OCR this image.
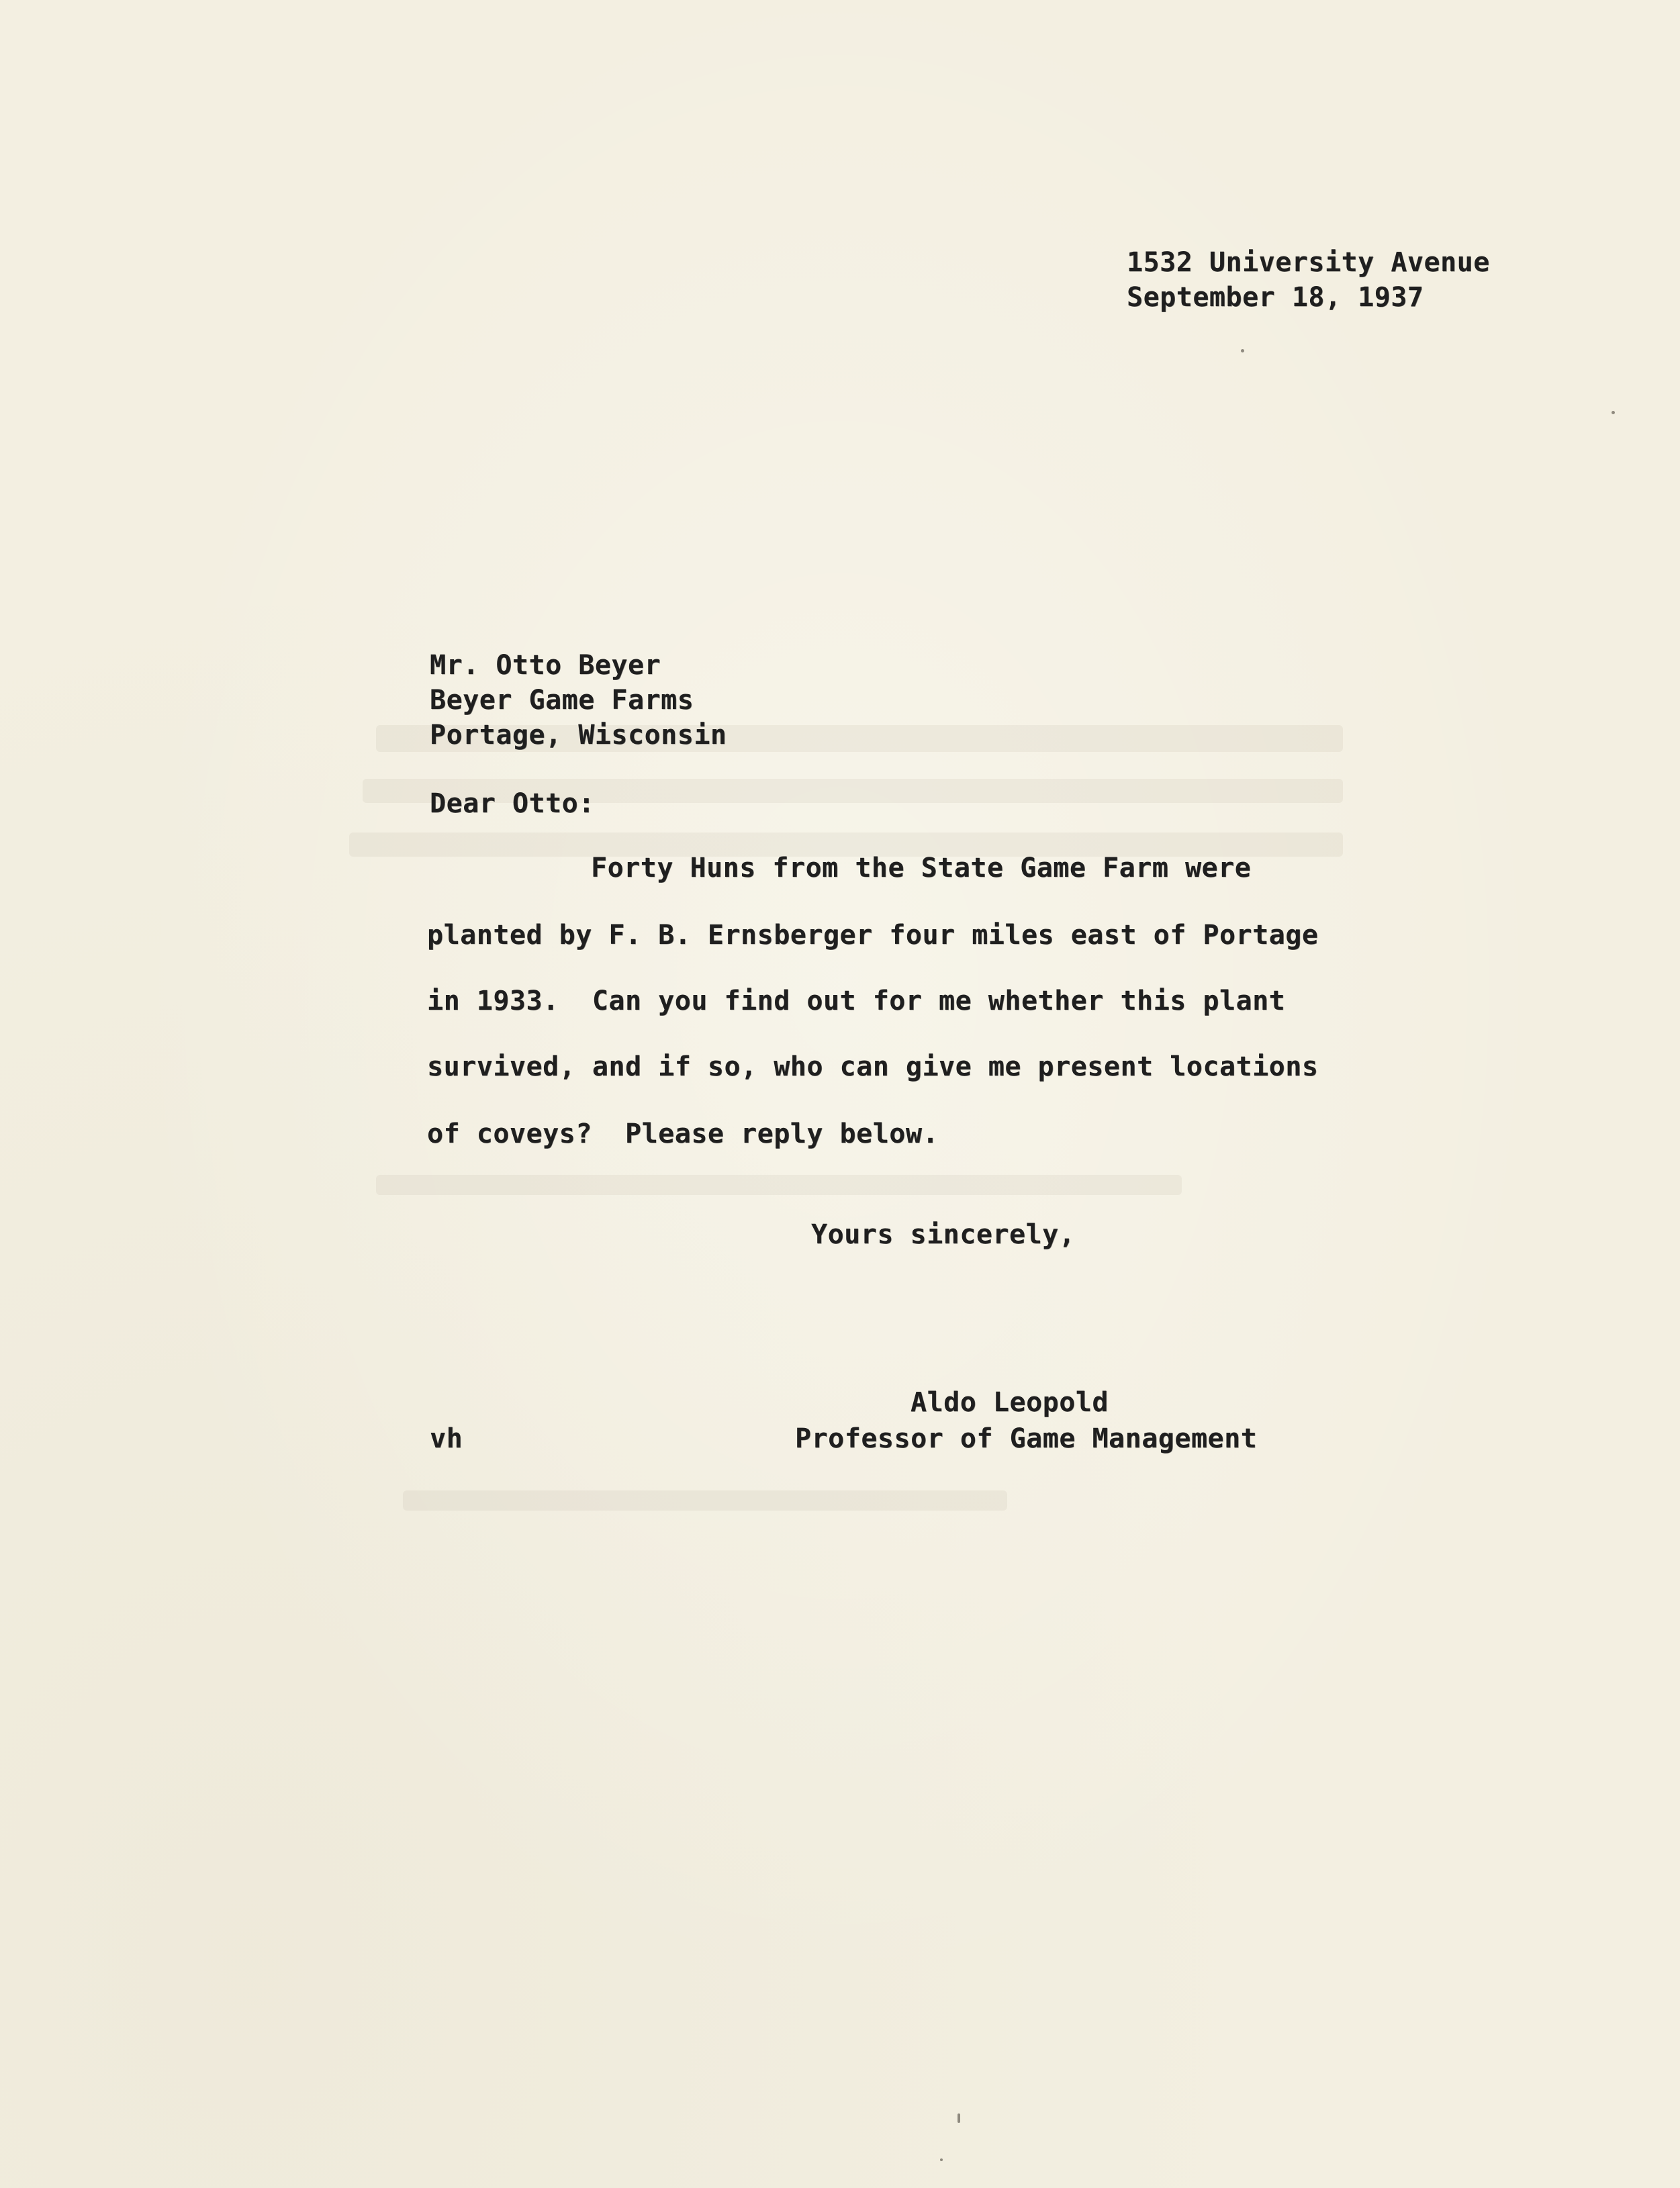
1532 University Avenue
September 18, 1937
Mr. Otto Beyer
Beyer Game Farms
Portage, Wisconsin
Dear Otto:
Forty Huns from the State Game Farm were
planted by F. B. Ernsberger four miles east of Portage
in 1933.  Can you find out for me whether this plant
survived, and if so, who can give me present locations
of coveys?  Please reply below.
Yours sincerely,
Aldo Leopold
Professor of Game Management
vh
